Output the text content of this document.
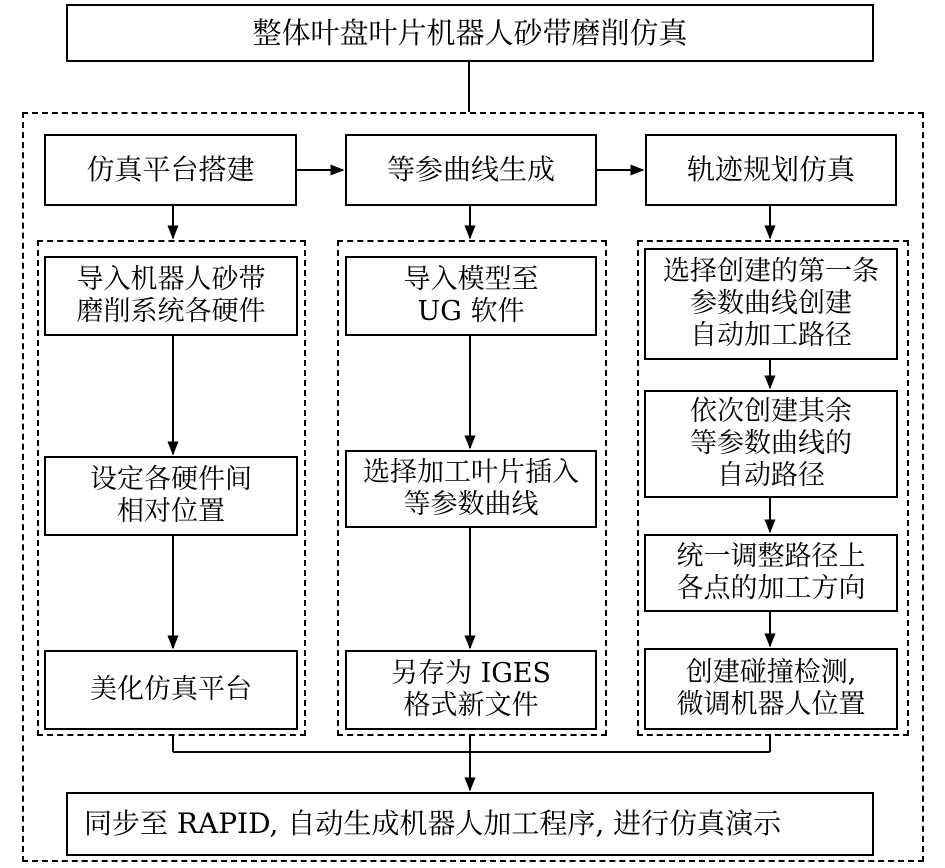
整体叶盘叶片机器人砂带磨削仿真
仿真平台搭建	等参曲线生成	轨迹规划仿真
导入机器人砂带
磨削系统各硬件
设定各硬件间
相对位置
美化仿真平台
导入模型至
UG 软件
选择加工叶片插入
等参数曲线
另存为 IGES
格式新文件
选择创建的第一条
参数曲线创建
自动加工路径
依次创建其余
等参数曲线的
自动路径
统一调整路径上
各点的加工方向
创建碰撞检测,
微调机器人位置
同步至 RAPID, 自动生成机器人加工程序, 进行仿真演示
